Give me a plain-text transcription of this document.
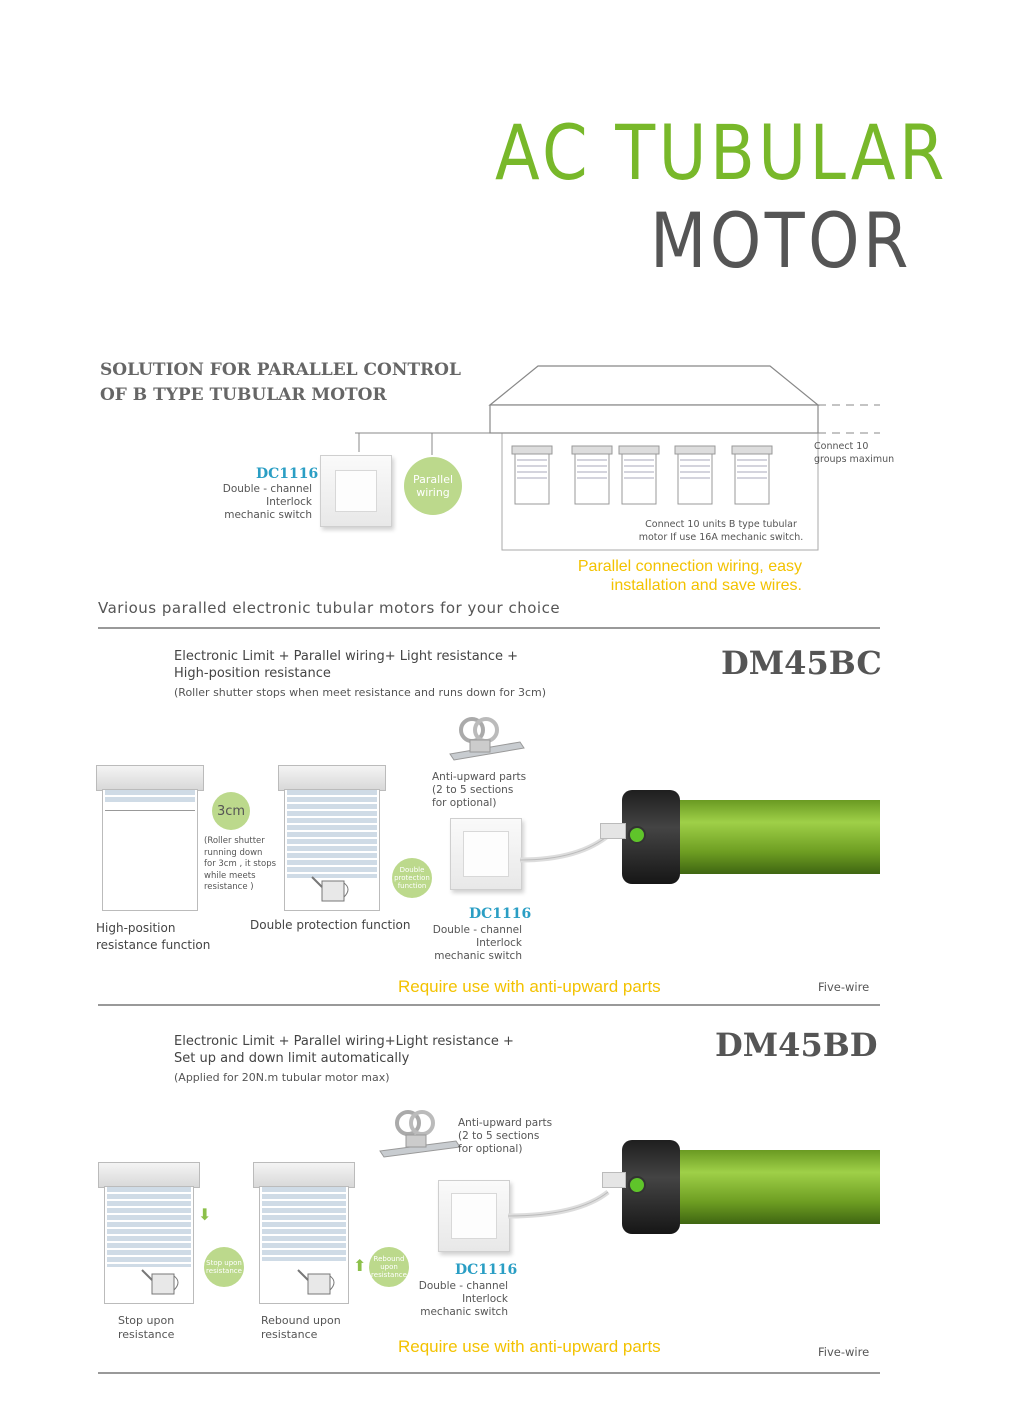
AC TUBULAR
MOTOR
SOLUTION FOR PARALLEL CONTROL
OF B TYPE TUBULAR MOTOR
Connect 10
groups maximun
Connect 10 units B type tubular
motor If use 16A mechanic switch.
DC1116
Double - channel
Interlock
mechanic switch
Parallel wiring
Parallel connection wiring, easy
installation and save wires.
Various paralled electronic tubular motors for your choice
Electronic Limit + Parallel wiring+ Light resistance +
High-position resistance
(Roller shutter stops when meet resistance and runs down for 3cm)
DM45BC
3cm
(Roller shutter
running down
for 3cm , it stops
while meets
resistance )
High-position
resistance function
Double protection function
Double protection function
Anti-upward parts
(2 to 5 sections
for optional)
DC1116
Double - channel
Interlock
mechanic switch
Require use with anti-upward parts	Five-wire
Electronic Limit + Parallel wiring+Light resistance +
Set up and down limit automatically
(Applied for 20N.m tubular motor max)
DM45BD
Anti-upward parts
(2 to 5 sections
for optional)
⬇
Stop upon resistance
Stop upon
resistance
⬆	Rebound upon resistance
Rebound upon
resistance
DC1116
Double - channel
Interlock
mechanic switch
Require use with anti-upward parts	Five-wire
